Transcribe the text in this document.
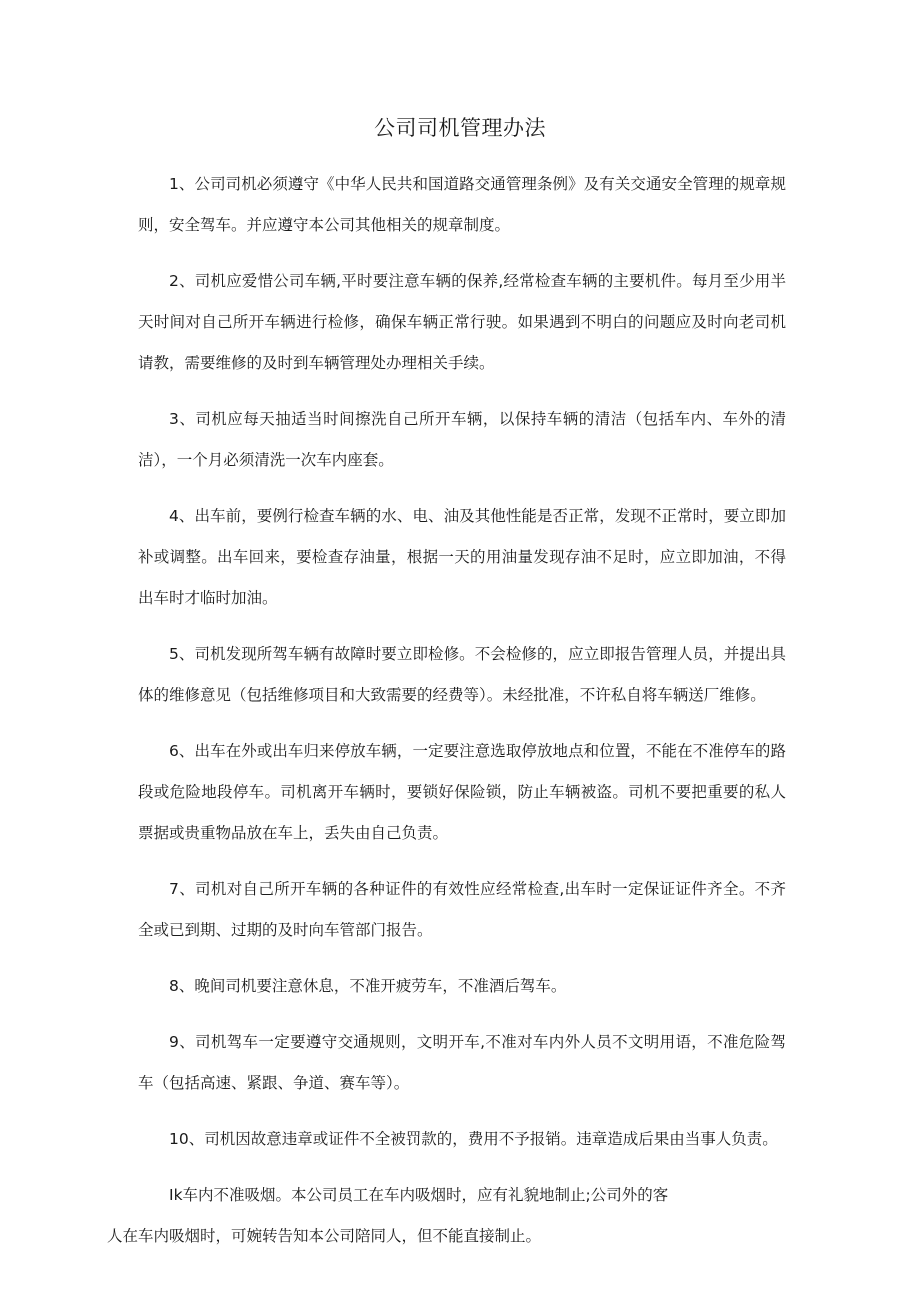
公司司机管理办法

1、公司司机必须遵守《中华人民共和国道路交通管理条例》及有关交通安全管理的规章规则，安全驾车。并应遵守本公司其他相关的规章制度。

2、司机应爱惜公司车辆,平时要注意车辆的保养,经常检查车辆的主要机件。每月至少用半天时间对自己所开车辆进行检修，确保车辆正常行驶。如果遇到不明白的问题应及时向老司机请教，需要维修的及时到车辆管理处办理相关手续。

3、司机应每天抽适当时间擦洗自己所开车辆，以保持车辆的清洁（包括车内、车外的清洁），一个月必须清洗一次车内座套。

4、出车前，要例行检查车辆的水、电、油及其他性能是否正常，发现不正常时，要立即加补或调整。出车回来，要检查存油量，根据一天的用油量发现存油不足时，应立即加油，不得出车时才临时加油。

5、司机发现所驾车辆有故障时要立即检修。不会检修的，应立即报告管理人员，并提出具体的维修意见（包括维修项目和大致需要的经费等）。未经批准，不许私自将车辆送厂维修。

6、出车在外或出车归来停放车辆，一定要注意选取停放地点和位置，不能在不准停车的路段或危险地段停车。司机离开车辆时，要锁好保险锁，防止车辆被盗。司机不要把重要的私人票据或贵重物品放在车上，丢失由自己负责。

7、司机对自己所开车辆的各种证件的有效性应经常检查,出车时一定保证证件齐全。不齐全或已到期、过期的及时向车管部门报告。

8、晚间司机要注意休息，不准开疲劳车，不准酒后驾车。

9、司机驾车一定要遵守交通规则，文明开车,不准对车内外人员不文明用语，不准危险驾车（包括高速、紧跟、争道、赛车等）。

10、司机因故意违章或证件不全被罚款的，费用不予报销。违章造成后果由当事人负责。

Ik车内不准吸烟。本公司员工在车内吸烟时，应有礼貌地制止;公司外的客
人在车内吸烟时，可婉转告知本公司陪同人，但不能直接制止。
